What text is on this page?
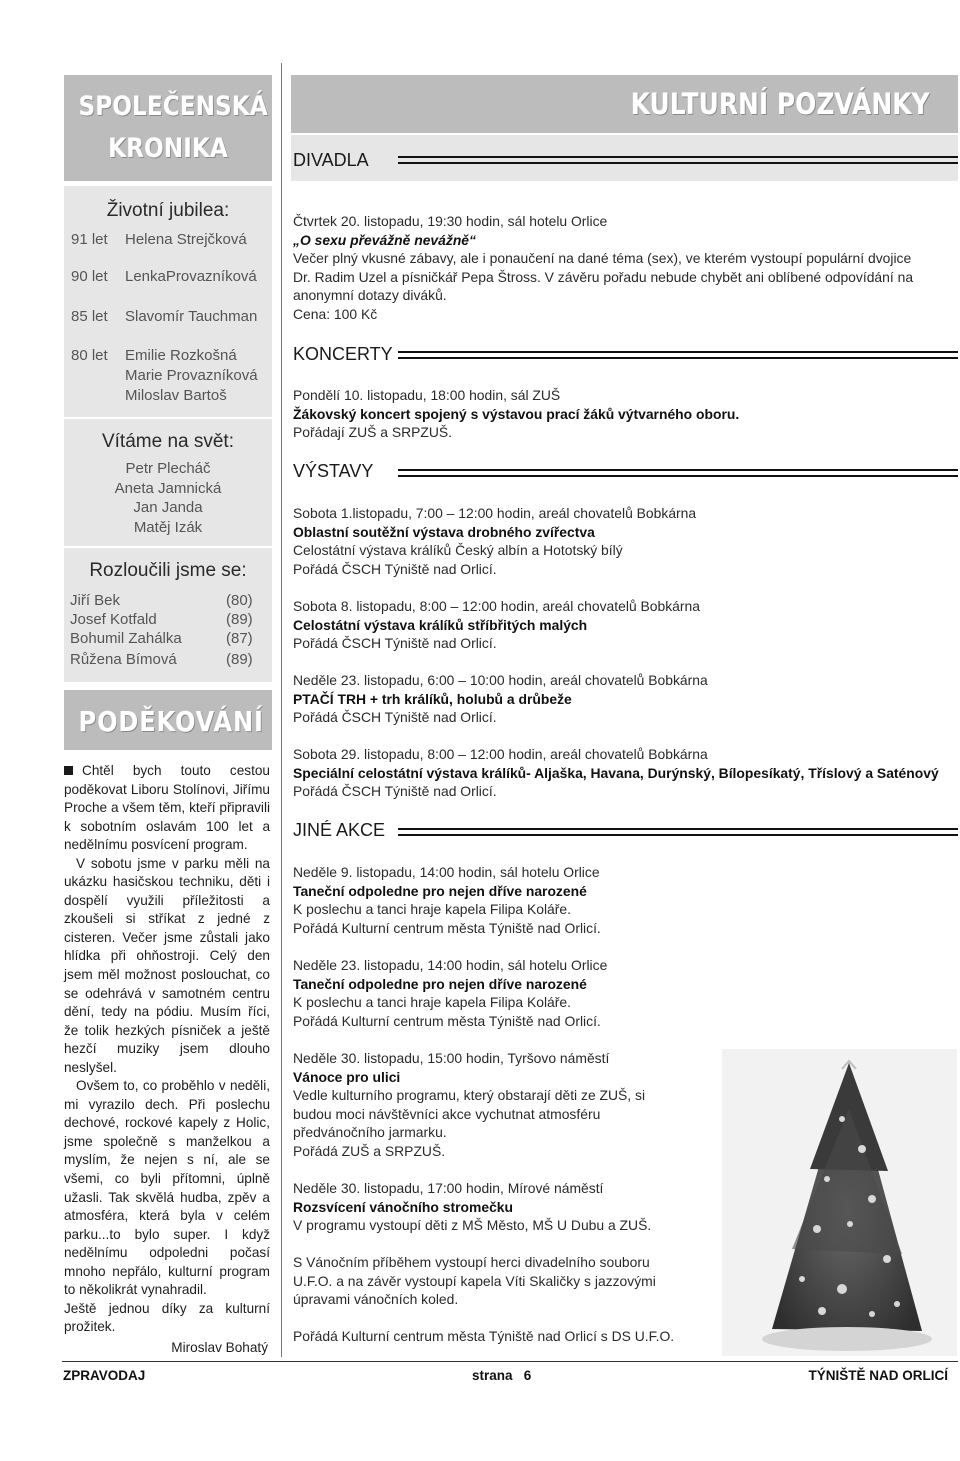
SPOLEČENSKÁ
KRONIKA
Životní jubilea:
91 let Helena Strejčková
90 let LenkaProvazníková
85 let Slavomír Tauchman
80 let Emilie Rozkošná
Marie Provazníková
Miloslav Bartoš
Vítáme na svět:
Petr Plecháč
Aneta Jamnická
Jan Janda
Matěj Izák
Rozloučili jsme se:
Jiří Bek	(80)
Josef Kotfald	(89)
Bohumil Zahálka	(87)
Růžena Bímová	(89)
PODĚKOVÁNÍ

Chtěl bych touto cestou poděkovat Liboru Stolínovi, Jiřímu Proche a všem těm, kteří připravili k sobotním oslavám 100 let a nedělnímu posvícení program.

V sobotu jsme v parku měli na ukázku hasičskou techniku, děti i dospělí využili příležitosti a zkoušeli si stříkat z jedné z cisteren. Večer jsme zůstali jako hlídka při ohňostroji. Celý den jsem měl možnost poslouchat, co se odehrává v samotném centru dění, tedy na pódiu. Musím říci, že tolik hezkých písniček a ještě hezčí muziky jsem dlouho neslyšel.

Ovšem to, co proběhlo v neděli, mi vyrazilo dech. Při poslechu dechové, rockové kapely z Holic, jsme společně s manželkou a myslím, že nejen s ní, ale se všemi, co byli přítomni, úplně užasli. Tak skvělá hudba, zpěv a atmosféra, která byla v celém parku...to bylo super. I když nedělnímu odpoledni počasí mnoho nepřálo, kulturní program to několikrát vynahradil.

Ještě jednou díky za kulturní prožitek.

Miroslav Bohatý

KULTURNÍ POZVÁNKY
DIVADLA
Čtvrtek 20. listopadu, 19:30 hodin, sál hotelu Orlice
„O sexu převážně nevážně“
Večer plný vkusné zábavy, ale i ponaučení na dané téma (sex), ve kterém vystoupí populární dvojice
Dr. Radim Uzel a písničkář Pepa Štross. V závěru pořadu nebude chybět ani oblíbené odpovídání na
anonymní dotazy diváků.
Cena: 100 Kč
KONCERTY
Pondělí 10. listopadu, 18:00 hodin, sál ZUŠ
Žákovský koncert spojený s výstavou prací žáků výtvarného oboru.
Pořádají ZUŠ a SRPZUŠ.
VÝSTAVY
Sobota 1.listopadu, 7:00 – 12:00 hodin, areál chovatelů Bobkárna
Oblastní soutěžní výstava drobného zvířectva
Celostátní výstava králíků Český albín a Hototský bílý
Pořádá ČSCH Týniště nad Orlicí.
Sobota 8. listopadu, 8:00 – 12:00 hodin, areál chovatelů Bobkárna
Celostátní výstava králíků stříbřitých malých
Pořádá ČSCH Týniště nad Orlicí.
Neděle 23. listopadu, 6:00 – 10:00 hodin, areál chovatelů Bobkárna
PTAČÍ TRH + trh králíků, holubů a drůbeže
Pořádá ČSCH Týniště nad Orlicí.
Sobota 29. listopadu, 8:00 – 12:00 hodin, areál chovatelů Bobkárna
Speciální celostátní výstava králíků- Aljaška, Havana, Durýnský, Bílopesíkatý, Tříslový a Saténový
Pořádá ČSCH Týniště nad Orlicí.
JINÉ AKCE
Neděle 9. listopadu, 14:00 hodin, sál hotelu Orlice
Taneční odpoledne pro nejen dříve narozené
K poslechu a tanci hraje kapela Filipa Koláře.
Pořádá Kulturní centrum města Týniště nad Orlicí.
Neděle 23. listopadu, 14:00 hodin, sál hotelu Orlice
Taneční odpoledne pro nejen dříve narozené
K poslechu a tanci hraje kapela Filipa Koláře.
Pořádá Kulturní centrum města Týniště nad Orlicí.
Neděle 30. listopadu, 15:00 hodin, Tyršovo náměstí
Vánoce pro ulici
Vedle kulturního programu, který obstarají děti ze ZUŠ, si
budou moci návštěvníci akce vychutnat atmosféru
předvánočního jarmarku.
Pořádá ZUŠ a SRPZUŠ.
Neděle 30. listopadu, 17:00 hodin, Mírové náměstí
Rozsvícení vánočního stromečku
V programu vystoupí děti z MŠ Město, MŠ U Dubu a ZUŠ.
S Vánočním příběhem vystoupí herci divadelního souboru
U.F.O. a na závěr vystoupí kapela Víti Skaličky s jazzovými
úpravami vánočních koled.
Pořádá Kulturní centrum města Týniště nad Orlicí s DS U.F.O.
ZPRAVODAJ	strana   6	TÝNIŠTĚ NAD ORLICÍ
